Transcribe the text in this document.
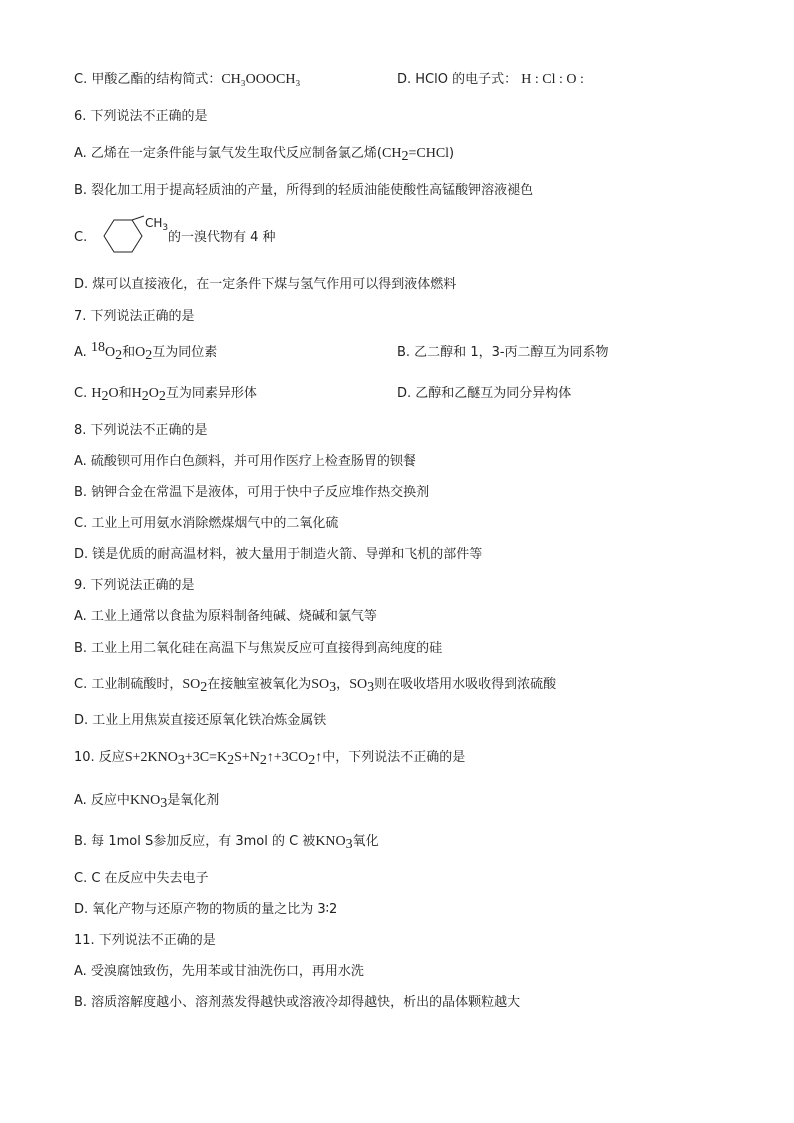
C. 甲酸乙酯的结构简式：CH₃OOOCH₃	D. HClO 的电子式： H : Cl : O :
6. 下列说法不正确的是
A. 乙烯在一定条件能与氯气发生取代反应制备氯乙烯$(CH_2=CHCl)$
B. 裂化加工用于提高轻质油的产量，所得到的轻质油能使酸性高锰酸钾溶液褪色
C.
$CH_3$
的一溴代物有 4 种
D. 煤可以直接液化，在一定条件下煤与氢气作用可以得到液体燃料
7. 下列说法正确的是
A. $^{18}O_2$和$O_2$互为同位素	B. 乙二醇和 1，3-丙二醇互为同系物
C. $H_2O$和$H_2O_2$互为同素异形体	D. 乙醇和乙醚互为同分异构体
8. 下列说法不正确的是
A. 硫酸钡可用作白色颜料，并可用作医疗上检查肠胃的钡餐
B. 钠钾合金在常温下是液体，可用于快中子反应堆作热交换剂
C. 工业上可用氨水消除燃煤烟气中的二氧化硫
D. 镁是优质的耐高温材料，被大量用于制造火箭、导弹和飞机的部件等
9. 下列说法正确的是
A. 工业上通常以食盐为原料制备纯碱、烧碱和氯气等
B. 工业上用二氧化硅在高温下与焦炭反应可直接得到高纯度的硅
C. 工业制硫酸时，$SO_2$在接触室被氧化为$SO_3$，$SO_3$则在吸收塔用水吸收得到浓硫酸
D. 工业上用焦炭直接还原氧化铁冶炼金属铁
10. 反应$S+2KNO_3+3C=K_2S+N_2↑+3CO_2↑$中，下列说法不正确的是
A. 反应中$KNO_3$是氧化剂
B. 每 1mol S参加反应，有 3mol 的 C 被$KNO_3$氧化
C. C 在反应中失去电子
D. 氧化产物与还原产物的物质的量之比为 3∶2
11. 下列说法不正确的是
A. 受溴腐蚀致伤，先用苯或甘油洗伤口，再用水洗
B. 溶质溶解度越小、溶剂蒸发得越快或溶液冷却得越快，析出的晶体颗粒越大
